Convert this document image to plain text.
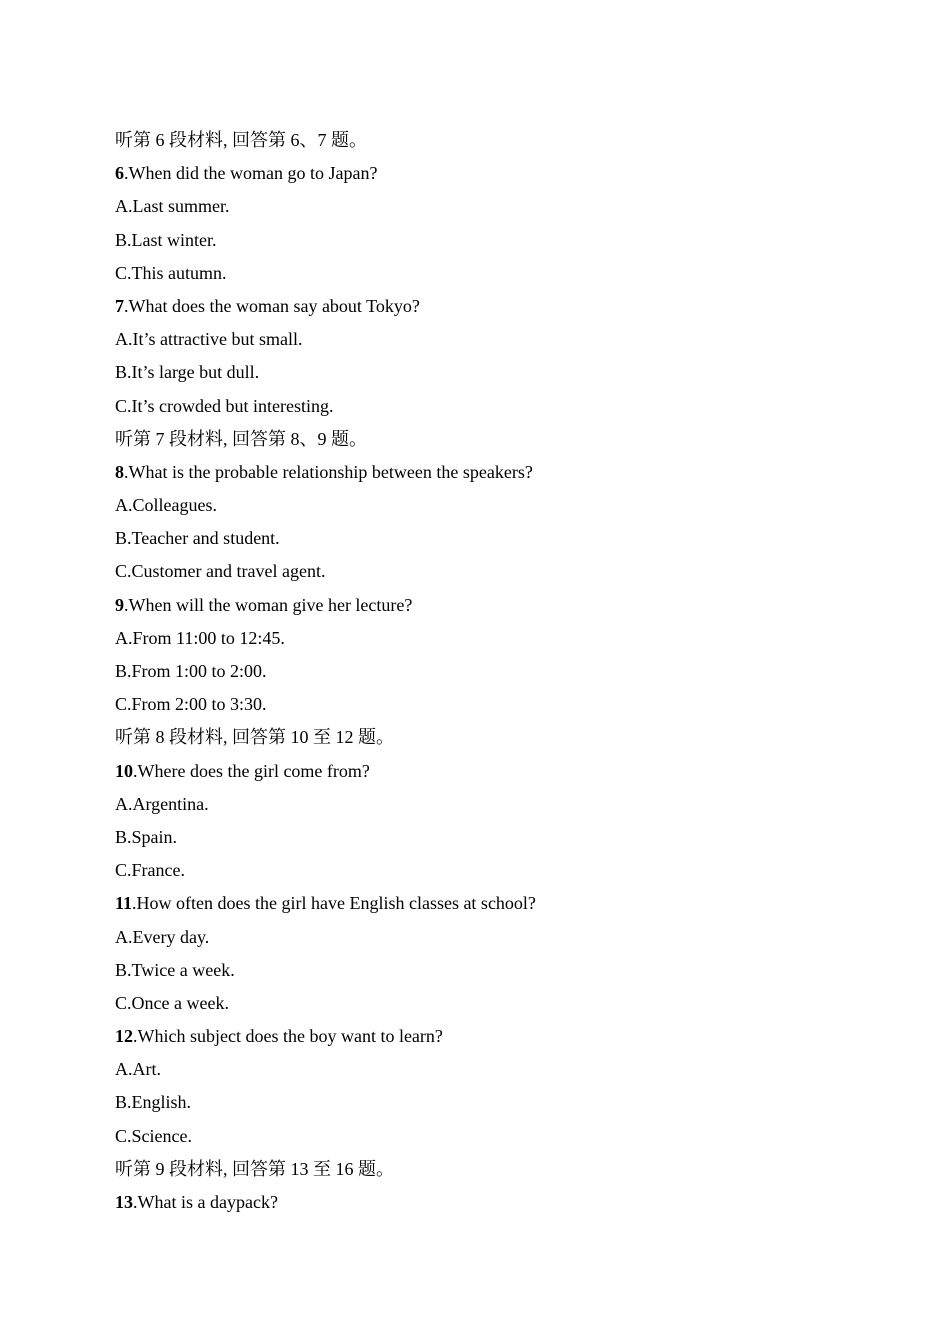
听第 6 段材料, 回答第 6、7 题。
6.When did the woman go to Japan?
A.Last summer.
B.Last winter.
C.This autumn.
7.What does the woman say about Tokyo?
A.It’s attractive but small.
B.It’s large but dull.
C.It’s crowded but interesting.
听第 7 段材料, 回答第 8、9 题。
8.What is the probable relationship between the speakers?
A.Colleagues.
B.Teacher and student.
C.Customer and travel agent.
9.When will the woman give her lecture?
A.From 11:00 to 12:45.
B.From 1:00 to 2:00.
C.From 2:00 to 3:30.
听第 8 段材料, 回答第 10 至 12 题。
10.Where does the girl come from?
A.Argentina.
B.Spain.
C.France.
11.How often does the girl have English classes at school?
A.Every day.
B.Twice a week.
C.Once a week.
12.Which subject does the boy want to learn?
A.Art.
B.English.
C.Science.
听第 9 段材料, 回答第 13 至 16 题。
13.What is a daypack?
